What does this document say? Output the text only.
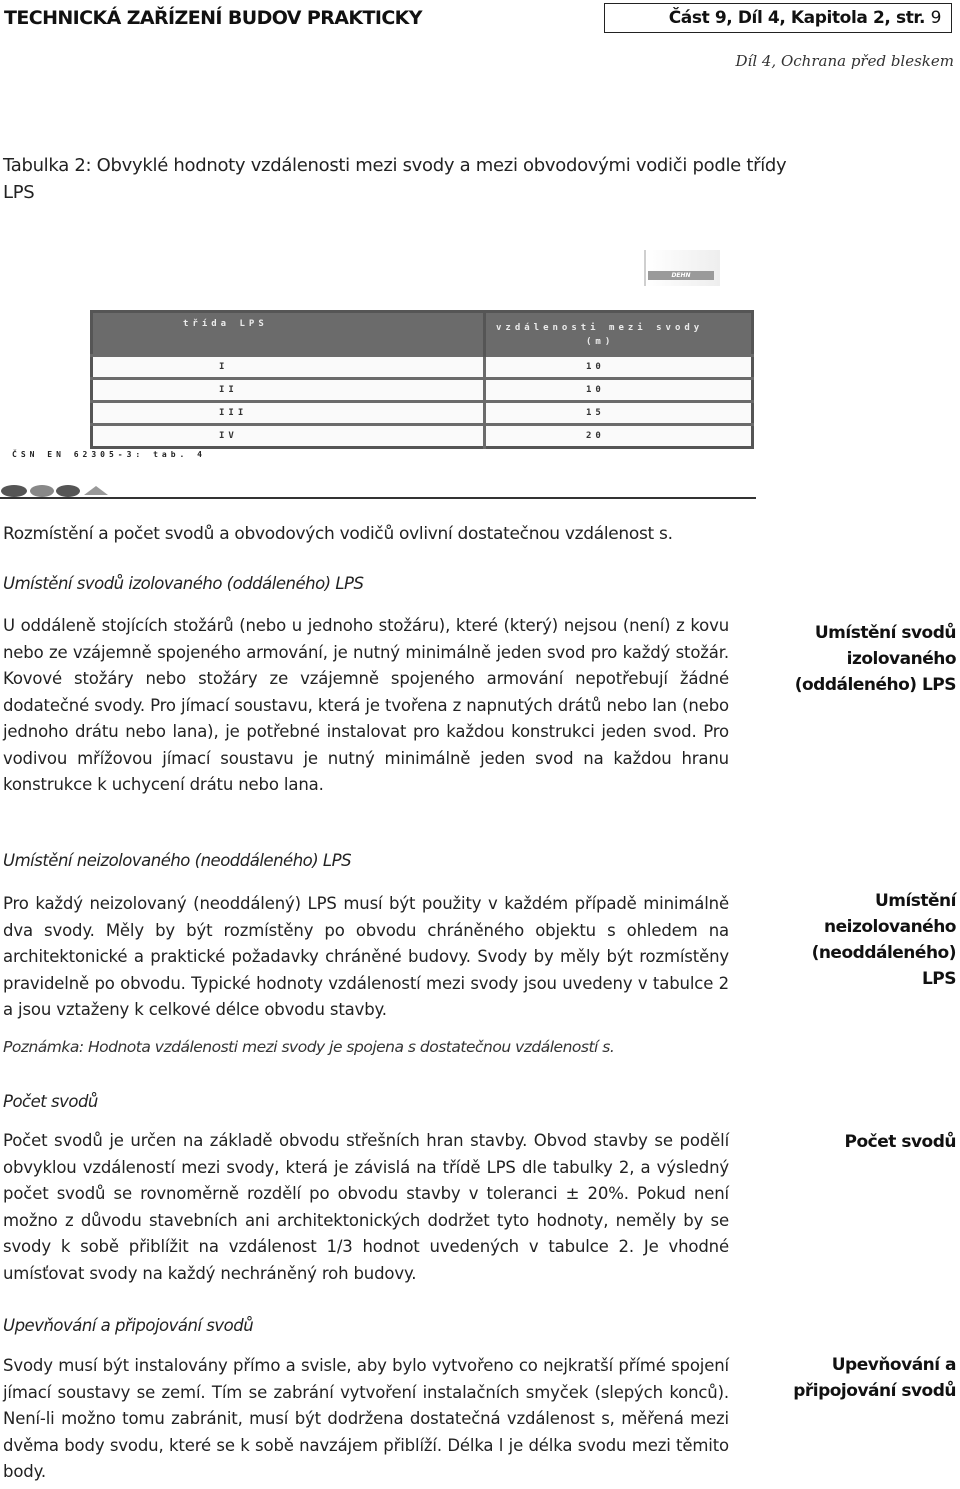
TECHNICKÁ ZAŘÍZENÍ BUDOV PRAKTICKY	Část 9, Díl 4, Kapitola 2, str. 9
Díl 4, Ochrana před bleskem
Tabulka 2: Obvyklé hodnoty vzdálenosti mezi svody a mezi obvodovými vodiči podle třídy LPS
DEHN
třída LPS	vzdálenosti mezi svody
(m)

I	10
II	10
III	15
IV	20
ČSN EN 62305-3: tab. 4
Rozmístění a počet svodů a obvodových vodičů ovlivní dostatečnou vzdálenost s.
Umístění svodů izolovaného (oddáleného) LPS
U oddáleně stojících stožárů (nebo u jednoho stožáru), které (který) nejsou (není) z kovu nebo ze vzájemně spojeného armování, je nutný minimálně jeden svod pro každý stožár. Kovové stožáry nebo stožáry ze vzájemně spojeného armování nepotřebují žádné dodatečné svody. Pro jímací soustavu, která je tvořena z napnutých drátů nebo lan (nebo jednoho drátu nebo lana), je potřebné instalovat pro každou konstrukci jeden svod. Pro vodivou mřížovou jímací soustavu je nutný minimálně jeden svod na každou hranu konstrukce k uchycení drátu nebo lana.
Umístění svodů izolovaného (oddáleného) LPS
Umístění neizolovaného (neoddáleného) LPS
Pro každý neizolovaný (neoddálený) LPS musí být použity v každém případě minimálně dva svody. Měly by být rozmístěny po obvodu chráněného objektu s ohledem na architektonické a praktické požadavky chráněné budovy. Svody by měly být rozmístěny pravidelně po obvodu. Typické hodnoty vzdáleností mezi svody jsou uvedeny v tabulce 2 a jsou vztaženy k celkové délce obvodu stavby.
Poznámka: Hodnota vzdálenosti mezi svody je spojena s dostatečnou vzdáleností s.
Umístění neizolovaného (neoddáleného) LPS
Počet svodů
Počet svodů je určen na základě obvodu střešních hran stavby. Obvod stavby se podělí obvyklou vzdáleností mezi svody, která je závislá na třídě LPS dle tabulky 2, a výsledný počet svodů se rovnoměrně rozdělí po obvodu stavby v toleranci ± 20%. Pokud není možno z důvodu stavebních ani architektonických dodržet tyto hodnoty, neměly by se svody k sobě přiblížit na vzdálenost 1/3 hodnot uvedených v tabulce 2. Je vhodné umísťovat svody na každý nechráněný roh budovy.
Počet svodů
Upevňování a připojování svodů
Svody musí být instalovány přímo a svisle, aby bylo vytvořeno co nejkratší přímé spojení jímací soustavy se zemí. Tím se zabrání vytvoření instalačních smyček (slepých konců). Není-li možno tomu zabránit, musí být dodržena dostatečná vzdálenost s, měřená mezi dvěma body svodu, které se k sobě navzájem přiblíží. Délka l je délka svodu mezi těmito body.
Upevňování a připojování svodů
